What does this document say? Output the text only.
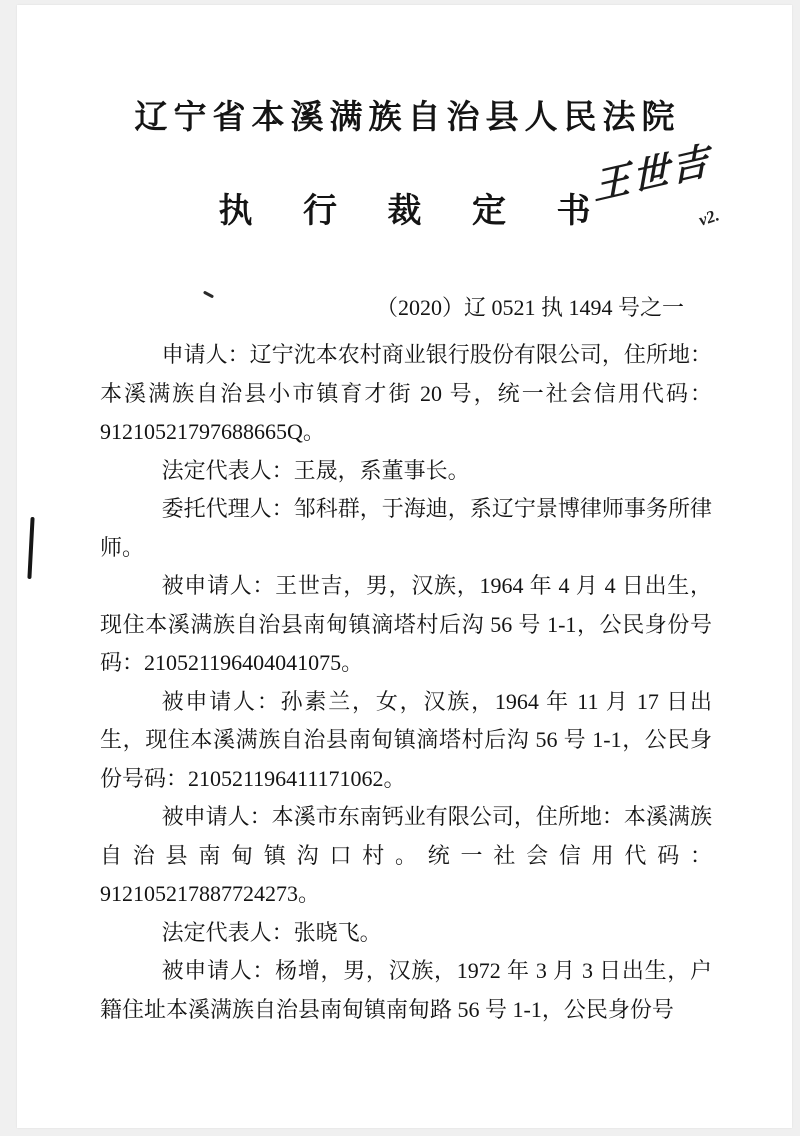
辽宁省本溪满族自治县人民法院
执 行 裁 定 书
王世吉
v2.
（2020）辽 0521 执 1494 号之一

申请人：辽宁沈本农村商业银行股份有限公司，住所地：本溪满族自治县小市镇育才街 20 号，统一社会信用代码：91210521797688665Q。

法定代表人：王晟，系董事长。

委托代理人：邹科群，于海迪，系辽宁景博律师事务所律师。

被申请人：王世吉，男，汉族，1964 年 4 月 4 日出生，现住本溪满族自治县南甸镇滴塔村后沟 56 号 1-1，公民身份号码：210521196404041075。

被申请人：孙素兰，女，汉族，1964 年 11 月 17 日出生，现住本溪满族自治县南甸镇滴塔村后沟 56 号 1-1，公民身份号码：210521196411171062。

被申请人：本溪市东南钙业有限公司，住所地：本溪满族自治县南甸镇沟口村。统一社会信用代码：912105217887724273。

法定代表人：张晓飞。

被申请人：杨增，男，汉族，1972 年 3 月 3 日出生，户籍住址本溪满族自治县南甸镇南甸路 56 号 1-1，公民身份号
